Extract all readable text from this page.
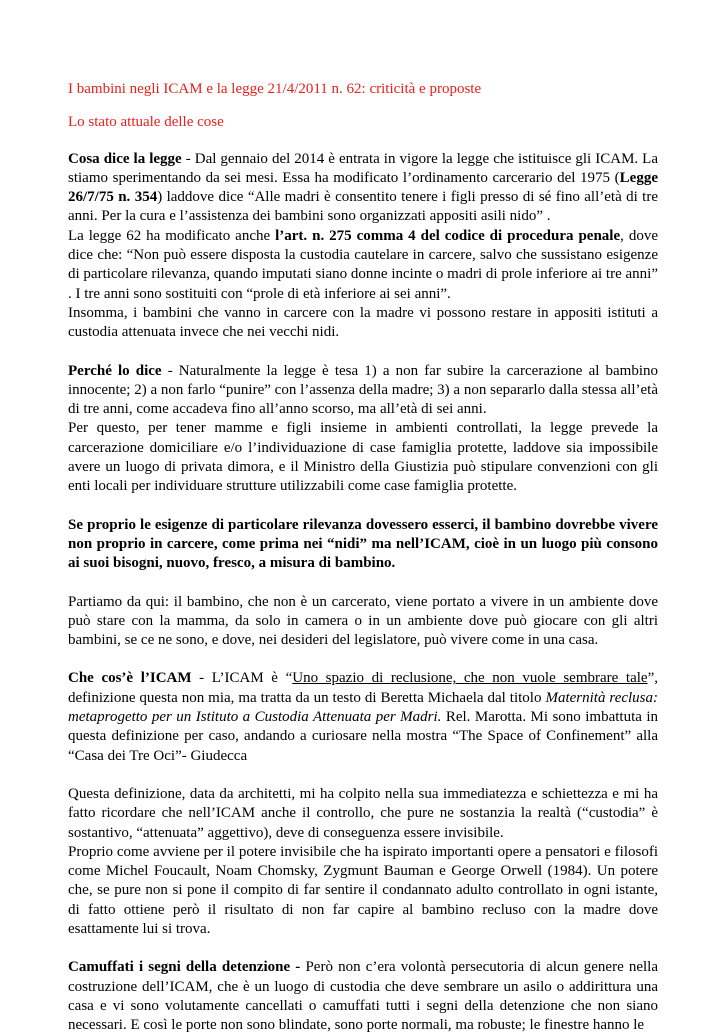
I bambini negli ICAM e la legge 21/4/2011 n. 62: criticità e proposte

Lo stato attuale delle cose

Cosa dice la legge - Dal gennaio del 2014 è entrata in vigore la legge che istituisce gli ICAM. La stiamo sperimentando da sei mesi. Essa ha modificato l’ordinamento carcerario del 1975 (Legge 26/7/75 n. 354) laddove dice “Alle madri è consentito tenere i figli presso di sé fino all’età di tre anni. Per la cura e l’assistenza dei bambini sono organizzati appositi asili nido” .

La legge 62 ha modificato anche l’art. n. 275 comma 4 del codice di procedura penale, dove dice che: “Non può essere disposta la custodia cautelare in carcere, salvo che sussistano esigenze di particolare rilevanza, quando imputati siano donne incinte o madri di prole inferiore ai tre anni” . I tre anni sono sostituiti con “prole di età inferiore ai sei anni”.

Insomma, i bambini che vanno in carcere con la madre vi possono restare in appositi istituti a custodia attenuata invece che nei vecchi nidi.

Perché lo dice - Naturalmente la legge è tesa 1) a non far subire la carcerazione al bambino innocente; 2) a non farlo “punire” con l’assenza della madre; 3) a non separarlo dalla stessa all’età di tre anni, come accadeva fino all’anno scorso, ma all’età di sei anni.

Per questo, per tener mamme e figli insieme in ambienti controllati, la legge prevede la carcerazione domiciliare e/o l’individuazione di case famiglia protette, laddove sia impossibile avere un luogo di privata dimora, e il Ministro della Giustizia può stipulare convenzioni con gli enti locali per individuare strutture utilizzabili come case famiglia protette.

Se proprio le esigenze di particolare rilevanza dovessero esserci, il bambino dovrebbe vivere non proprio in carcere, come prima nei “nidi” ma nell’ICAM, cioè in un luogo più consono ai suoi bisogni, nuovo, fresco, a misura di bambino.

Partiamo da qui: il bambino, che non è un carcerato, viene portato a vivere in un ambiente dove può stare con la mamma, da solo in camera o in un ambiente dove può giocare con gli altri bambini, se ce ne sono, e dove, nei desideri del legislatore, può vivere come in una casa.

Che cos’è l’ICAM - L’ICAM è “Uno spazio di reclusione, che non vuole sembrare tale”, definizione questa non mia, ma tratta da un testo di Beretta Michaela dal titolo Maternità reclusa: metaprogetto per un Istituto a Custodia Attenuata per Madri. Rel. Marotta. Mi sono imbattuta in questa definizione per caso, andando a curiosare nella mostra “The Space of Confinement” alla “Casa dei Tre Oci”- Giudecca

Questa definizione, data da architetti, mi ha colpito nella sua immediatezza e schiettezza e mi ha fatto ricordare che nell’ICAM anche il controllo, che pure ne sostanzia la realtà (“custodia” è sostantivo, “attenuata” aggettivo), deve di conseguenza essere invisibile.

Proprio come avviene per il potere invisibile che ha ispirato importanti opere a pensatori e filosofi come Michel Foucault, Noam Chomsky, Zygmunt Bauman e George Orwell (1984). Un potere che, se pure non si pone il compito di far sentire il condannato adulto controllato in ogni istante, di fatto ottiene però il risultato di non far capire al bambino recluso con la madre dove esattamente lui si trova.

Camuffati i segni della detenzione - Però non c’era volontà persecutoria di alcun genere nella costruzione dell’ICAM, che è un luogo di custodia che deve sembrare un asilo o addirittura una casa e vi sono volutamente cancellati o camuffati tutti i segni della detenzione che non siano necessari. E così le porte non sono blindate, sono porte normali, ma robuste; le finestre hanno le
